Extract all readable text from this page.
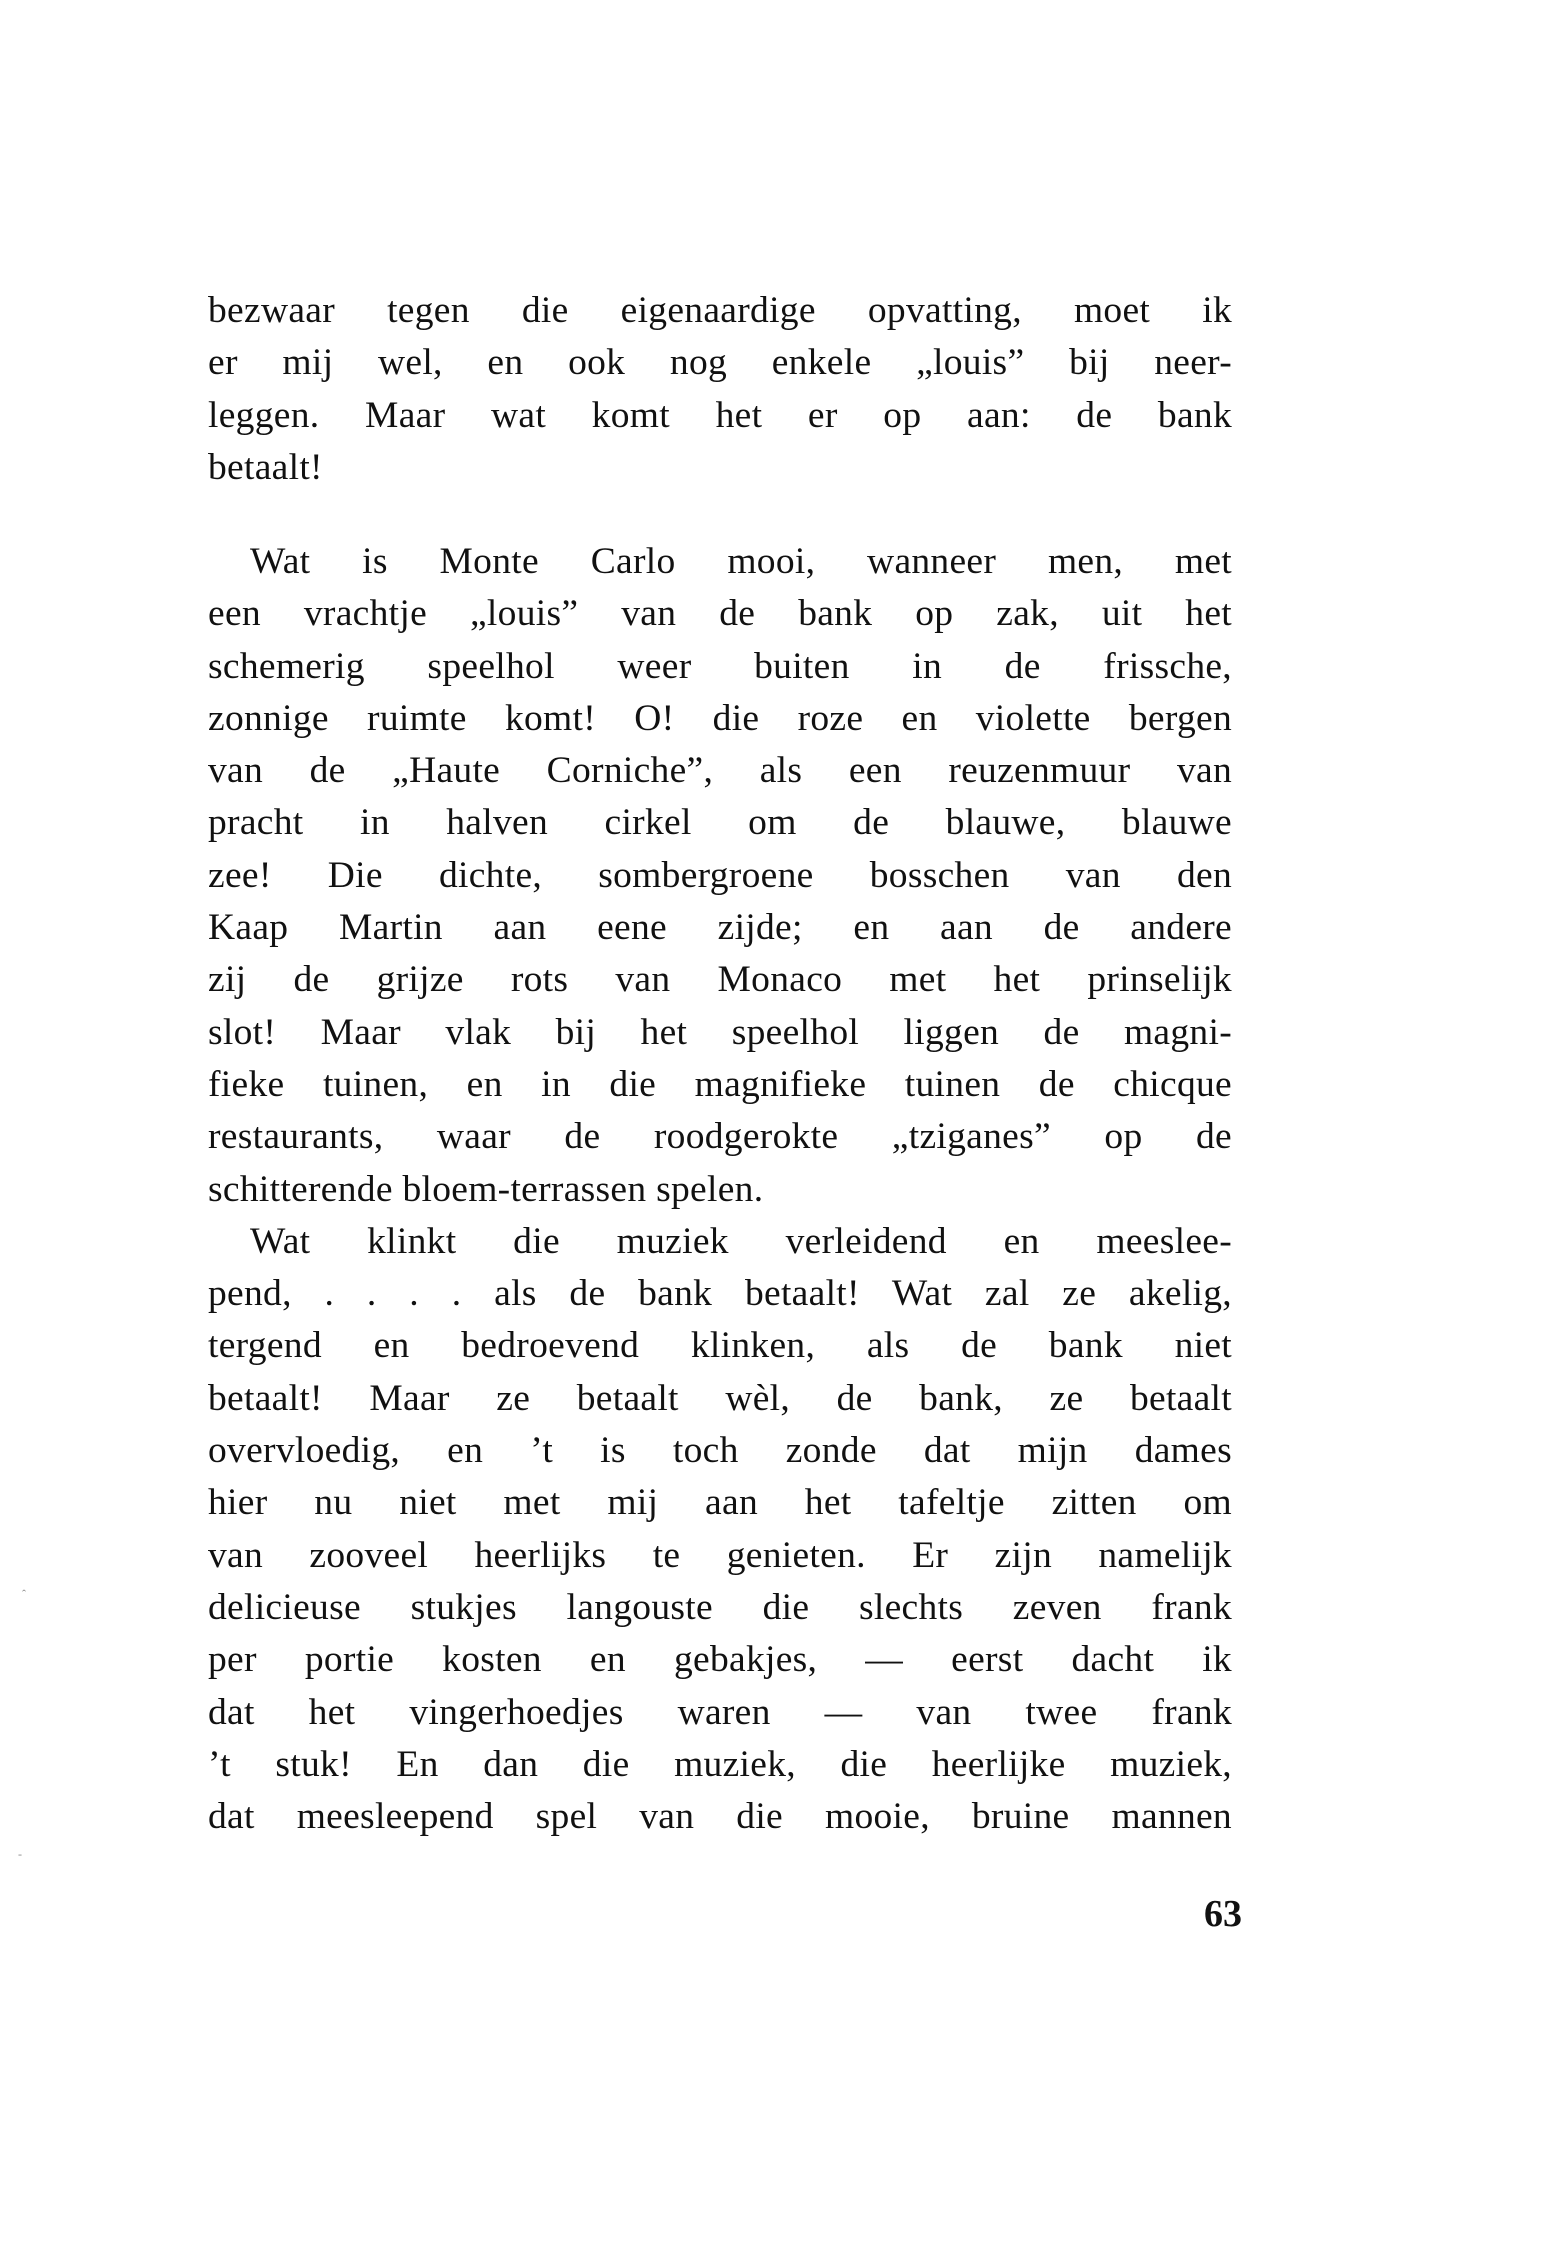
bezwaar tegen die eigenaardige opvatting, moet ik
er mij wel, en ook nog enkele „louis” bij neer-
leggen. Maar wat komt het er op aan: de bank
betaalt!
Wat is Monte Carlo mooi, wanneer men, met
een vrachtje „louis” van de bank op zak, uit het
schemerig speelhol weer buiten in de frissche,
zonnige ruimte komt! O! die roze en violette bergen
van de „Haute Corniche”, als een reuzenmuur van
pracht in halven cirkel om de blauwe, blauwe
zee! Die dichte, sombergroene bosschen van den
Kaap Martin aan eene zijde; en aan de andere
zij de grijze rots van Monaco met het prinselijk
slot! Maar vlak bij het speelhol liggen de magni-
fieke tuinen, en in die magnifieke tuinen de chicque
restaurants, waar de roodgerokte „tziganes” op de
schitterende bloem-terrassen spelen.
Wat klinkt die muziek verleidend en meeslee-
pend, . . . . als de bank betaalt! Wat zal ze akelig,
tergend en bedroevend klinken, als de bank niet
betaalt! Maar ze betaalt wèl, de bank, ze betaalt
overvloedig, en ’t is toch zonde dat mijn dames
hier nu niet met mij aan het tafeltje zitten om
van zooveel heerlijks te genieten. Er zijn namelijk
delicieuse stukjes langouste die slechts zeven frank
per portie kosten en gebakjes, — eerst dacht ik
dat het vingerhoedjes waren — van twee frank
’t stuk! En dan die muziek, die heerlijke muziek,
dat meesleepend spel van die mooie, bruine mannen
63
ˆ
-
